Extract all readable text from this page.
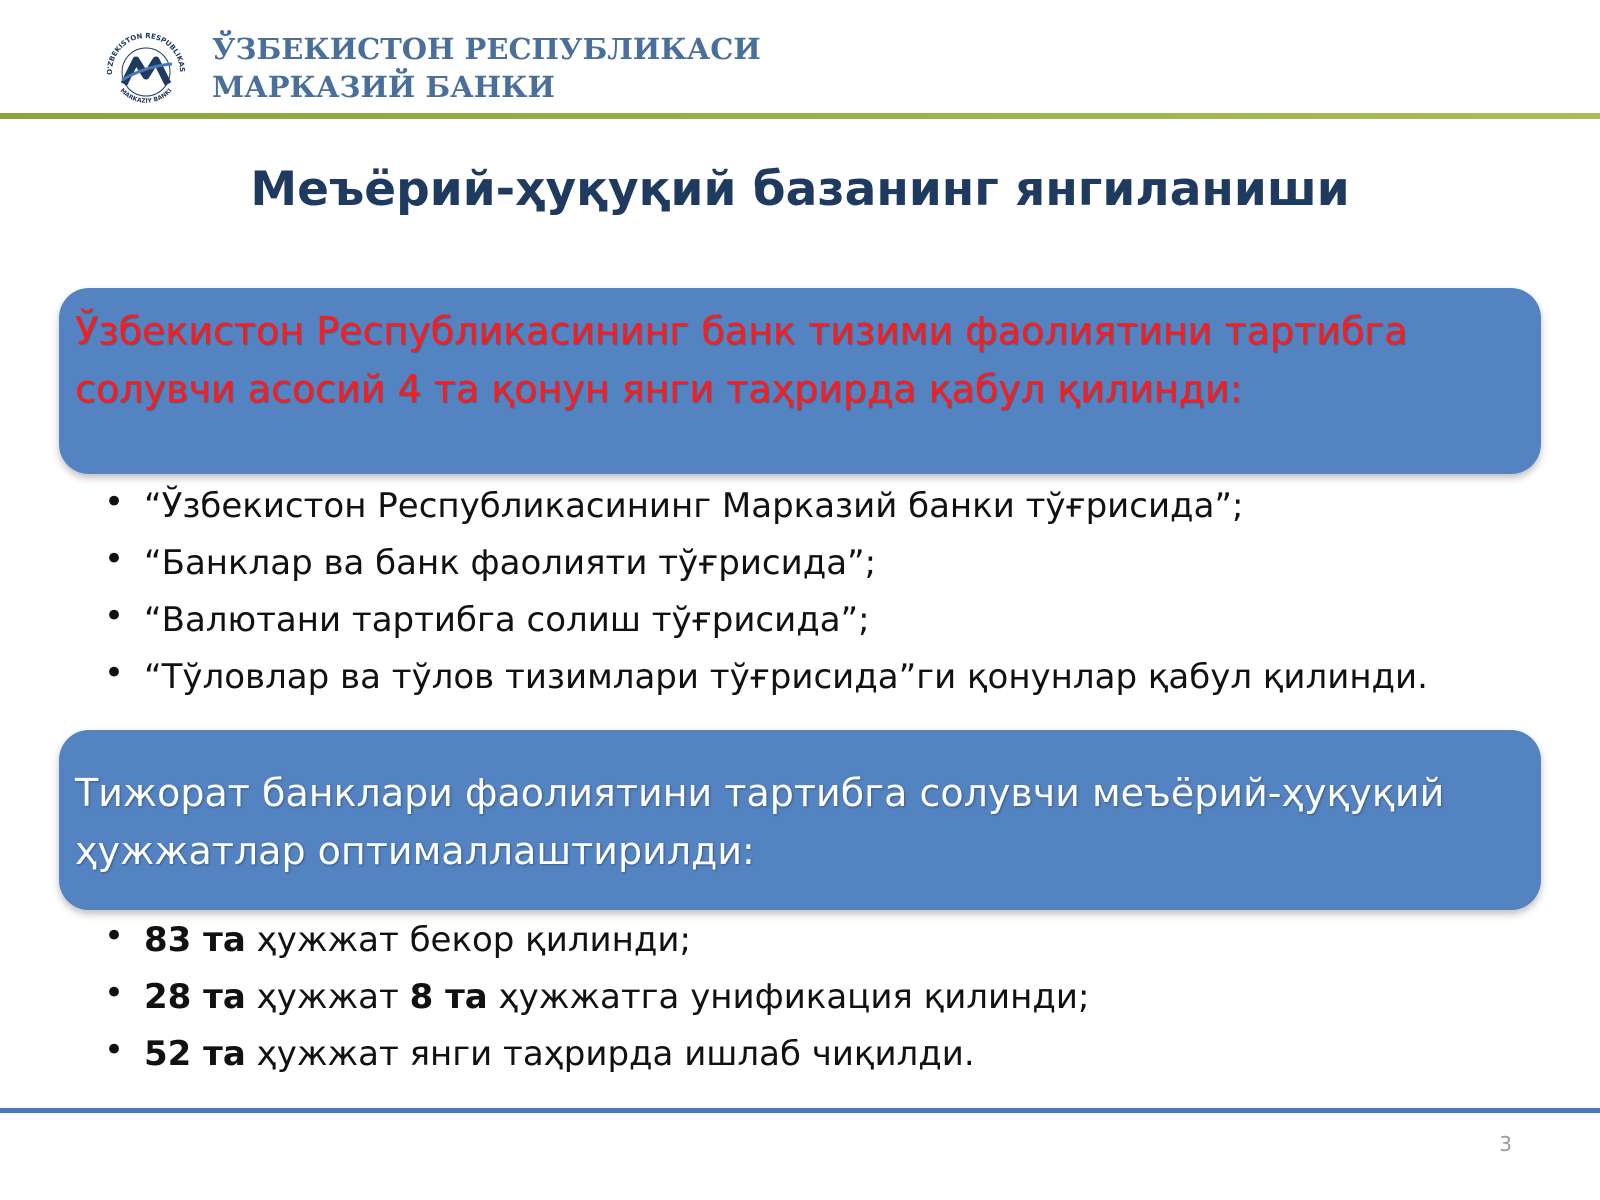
O'ZBEKISTON RESPUBLIKAS
MARKAZIY BANKI
ЎЗБЕКИСТОН РЕСПУБЛИКАСИ
МАРКАЗИЙ БАНКИ
Меъёрий-ҳуқуқий базанинг янгиланиши
Ўзбекистон Республикасининг банк тизими фаолиятини тартибга солувчи асосий 4 та қонун янги таҳрирда қабул қилинди:
• “Ўзбекистон Республикасининг Марказий банки тўғрисида”;
• “Банклар ва банк фаолияти тўғрисида”;
• “Валютани тартибга солиш тўғрисида”;
• “Тўловлар ва тўлов тизимлари тўғрисида”ги қонунлар қабул қилинди.
Тижорат банклари фаолиятини тартибга солувчи меъёрий-ҳуқуқий ҳужжатлар оптималлаштирилди:
• 83 та ҳужжат бекор қилинди;
• 28 та ҳужжат 8 та ҳужжатга унификация қилинди;
• 52 та ҳужжат янги таҳрирда ишлаб чиқилди.
3
